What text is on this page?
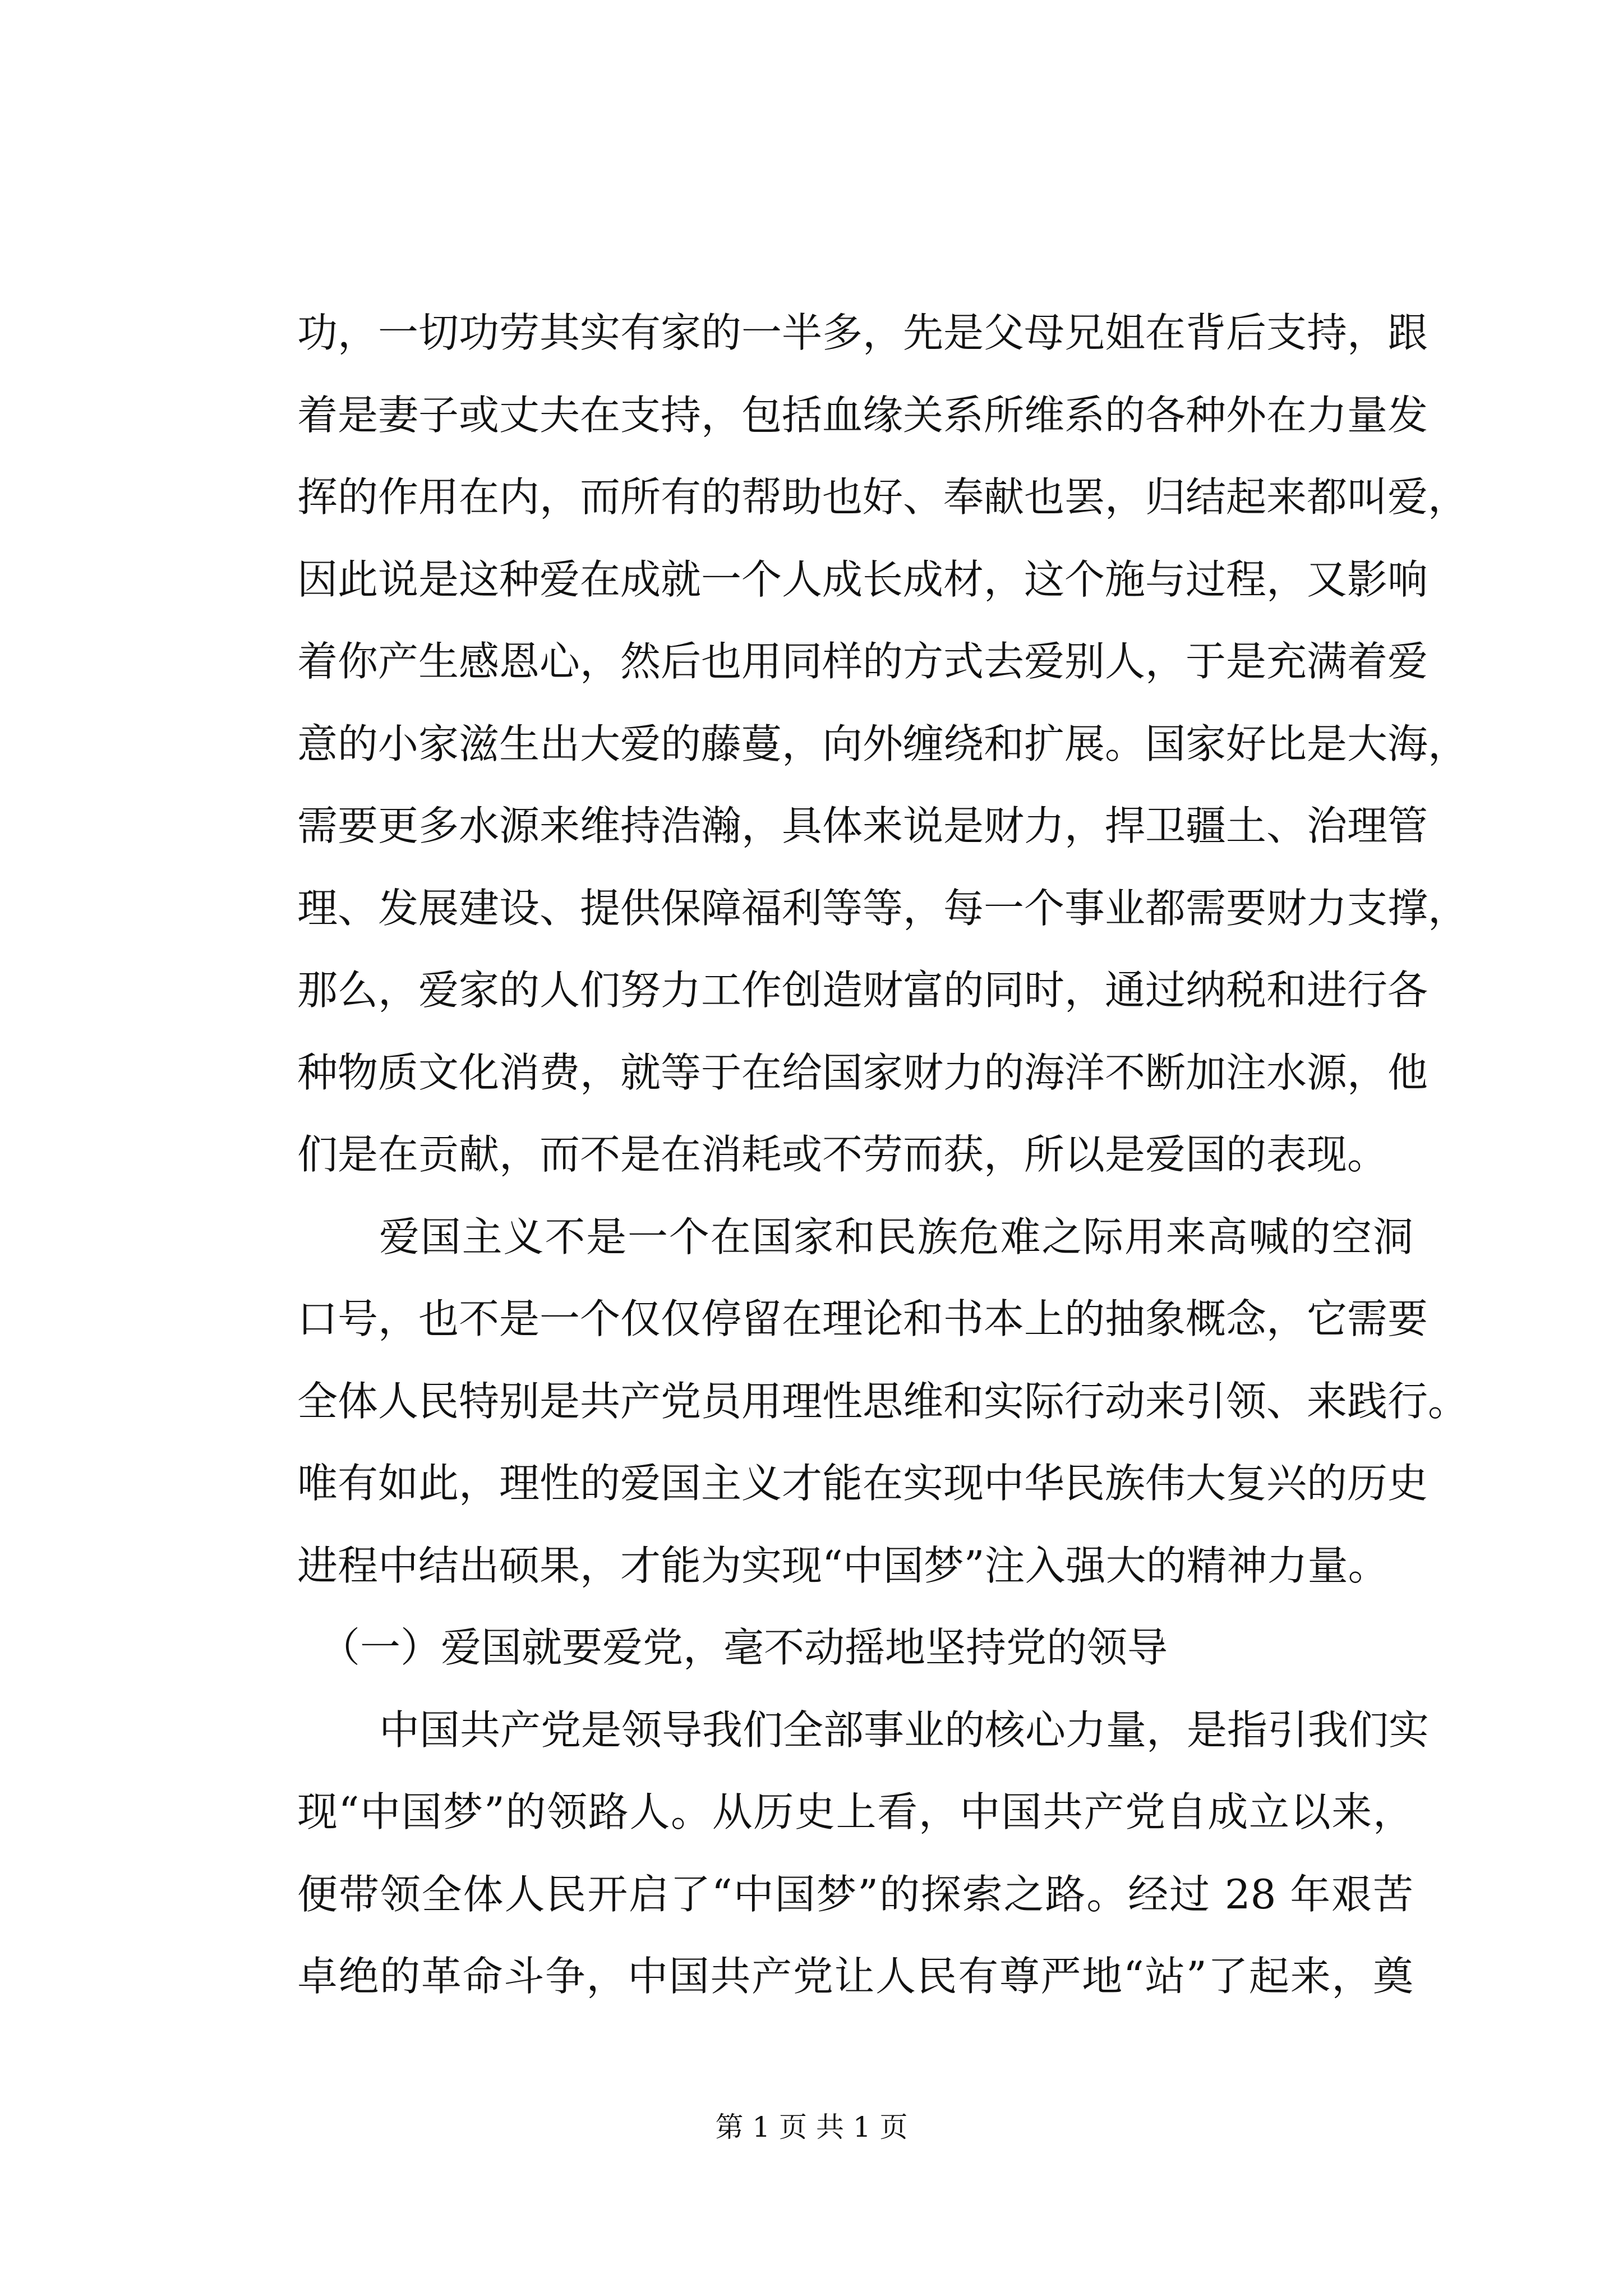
功，一切功劳其实有家的一半多，先是父母兄姐在背后支持，跟
着是妻子或丈夫在支持，包括血缘关系所维系的各种外在力量发
挥的作用在内，而所有的帮助也好、奉献也罢，归结起来都叫爱，
因此说是这种爱在成就一个人成长成材，这个施与过程，又影响
着你产生感恩心，然后也用同样的方式去爱别人，于是充满着爱
意的小家滋生出大爱的藤蔓，向外缠绕和扩展。国家好比是大海，
需要更多水源来维持浩瀚，具体来说是财力，捍卫疆土、治理管
理、发展建设、提供保障福利等等，每一个事业都需要财力支撑，
那么，爱家的人们努力工作创造财富的同时，通过纳税和进行各
种物质文化消费，就等于在给国家财力的海洋不断加注水源，他
们是在贡献，而不是在消耗或不劳而获，所以是爱国的表现。
爱国主义不是一个在国家和民族危难之际用来高喊的空洞
口号，也不是一个仅仅停留在理论和书本上的抽象概念，它需要
全体人民特别是共产党员用理性思维和实际行动来引领、来践行。
唯有如此，理性的爱国主义才能在实现中华民族伟大复兴的历史
进程中结出硕果，才能为实现“中国梦”注入强大的精神力量。
（一）爱国就要爱党，毫不动摇地坚持党的领导
中国共产党是领导我们全部事业的核心力量，是指引我们实
现“中国梦”的领路人。从历史上看，中国共产党自成立以来，
便带领全体人民开启了“中国梦”的探索之路。经过 28 年艰苦
卓绝的革命斗争，中国共产党让人民有尊严地“站”了起来，奠
第 1 页 共 1 页
